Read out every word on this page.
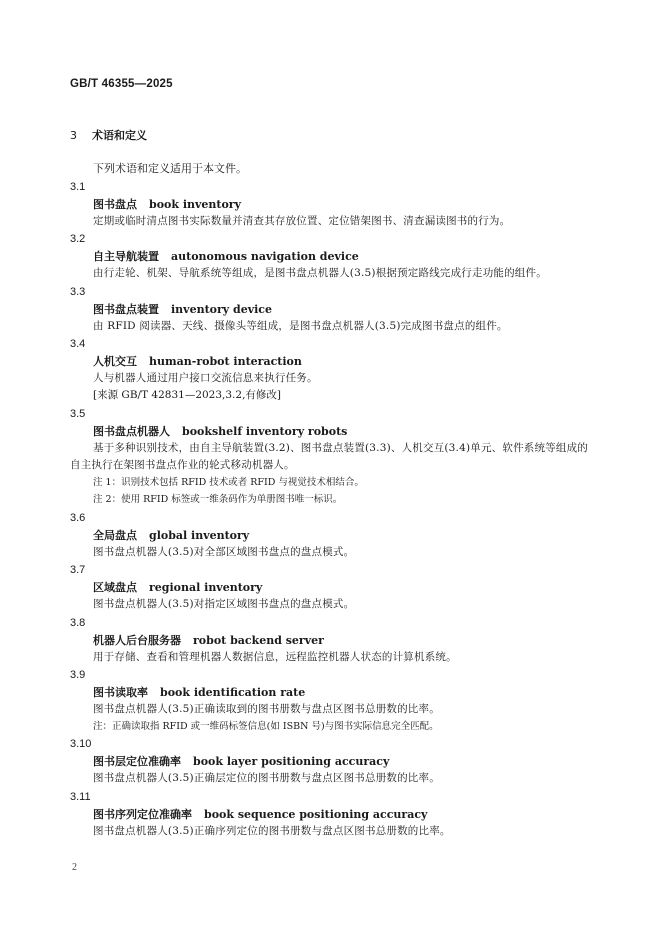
GB/T 46355—2025
3 术语和定义
下列术语和定义适用于本文件。
3.1
图书盘点 book inventory
定期或临时清点图书实际数量并清查其存放位置、定位错架图书、清查漏读图书的行为。
3.2
自主导航装置 autonomous navigation device
由行走轮、机架、导航系统等组成，是图书盘点机器人(3.5)根据预定路线完成行走功能的组件。
3.3
图书盘点装置 inventory device
由 RFID 阅读器、天线、摄像头等组成，是图书盘点机器人(3.5)完成图书盘点的组件。
3.4
人机交互 human-robot interaction
人与机器人通过用户接口交流信息来执行任务。
[来源 GB/T 42831—2023,3.2,有修改]
3.5
图书盘点机器人 bookshelf inventory robots
基于多种识别技术，由自主导航装置(3.2)、图书盘点装置(3.3)、人机交互(3.4)单元、软件系统等组成的自主执行在架图书盘点作业的轮式移动机器人。
注 1：识别技术包括 RFID 技术或者 RFID 与视觉技术相结合。
注 2：使用 RFID 标签或一维条码作为单册图书唯一标识。
3.6
全局盘点 global inventory
图书盘点机器人(3.5)对全部区域图书盘点的盘点模式。
3.7
区域盘点 regional inventory
图书盘点机器人(3.5)对指定区域图书盘点的盘点模式。
3.8
机器人后台服务器 robot backend server
用于存储、查看和管理机器人数据信息，远程监控机器人状态的计算机系统。
3.9
图书读取率 book identification rate
图书盘点机器人(3.5)正确读取到的图书册数与盘点区图书总册数的比率。
注：正确读取指 RFID 或一维码标签信息(如 ISBN 号)与图书实际信息完全匹配。
3.10
图书层定位准确率 book layer positioning accuracy
图书盘点机器人(3.5)正确层定位的图书册数与盘点区图书总册数的比率。
3.11
图书序列定位准确率 book sequence positioning accuracy
图书盘点机器人(3.5)正确序列定位的图书册数与盘点区图书总册数的比率。
2
